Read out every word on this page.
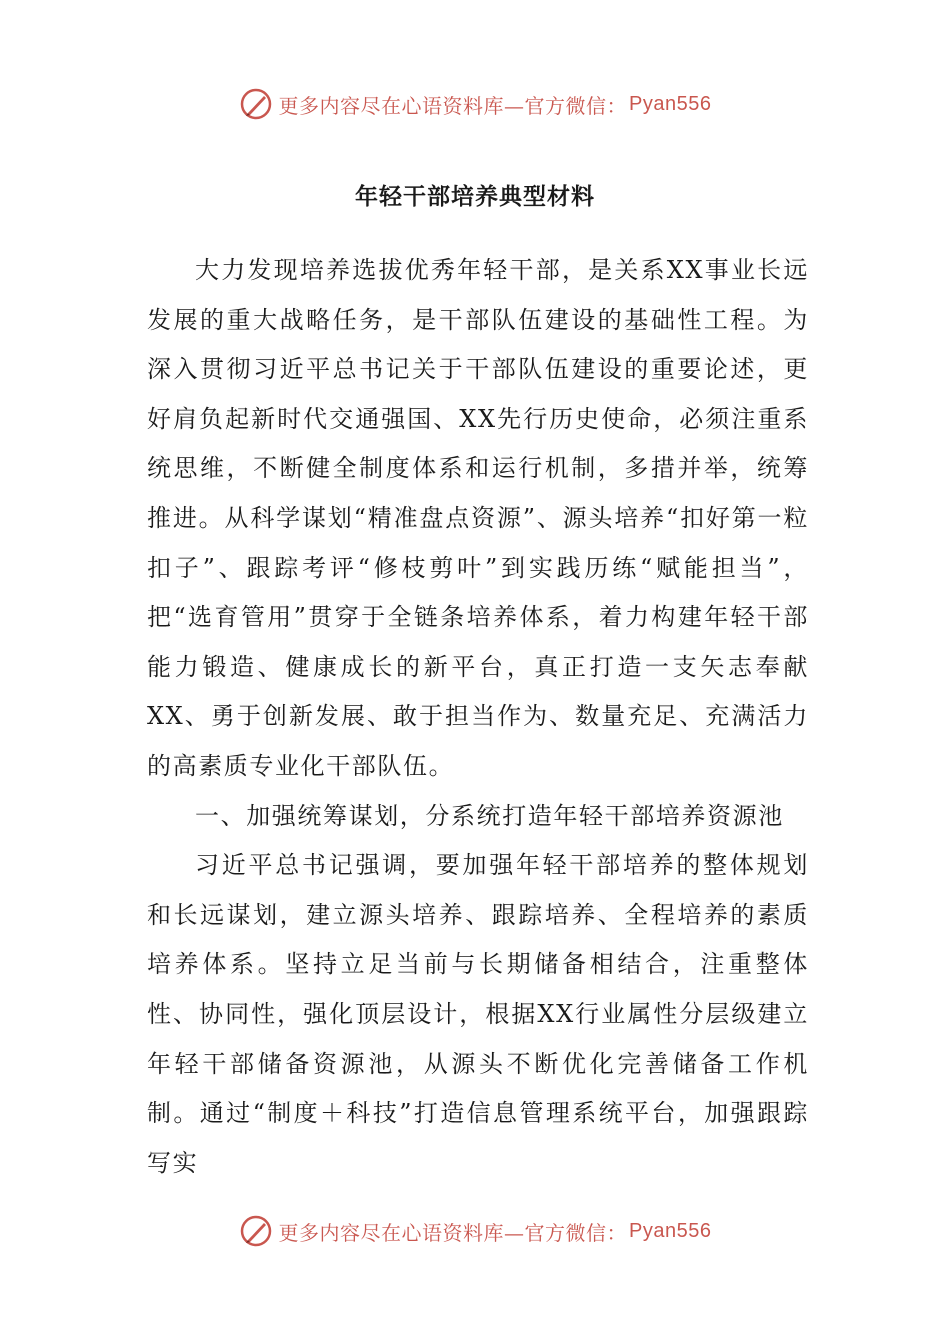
更多内容尽在心语资料库—官方微信： Pyan556
年轻干部培养典型材料

大力发现培养选拔优秀年轻干部，是关系XX事业长远发展的重大战略任务，是干部队伍建设的基础性工程。为深入贯彻习近平总书记关于干部队伍建设的重要论述，更好肩负起新时代交通强国、XX先行历史使命，必须注重系统思维，不断健全制度体系和运行机制，多措并举，统筹推进。从科学谋划“精准盘点资源”、源头培养“扣好第一粒扣子”、跟踪考评“修枝剪叶”到实践历练“赋能担当”，把“选育管用”贯穿于全链条培养体系，着力构建年轻干部能力锻造、健康成长的新平台，真正打造一支矢志奉献XX、勇于创新发展、敢于担当作为、数量充足、充满活力的高素质专业化干部队伍。

一、加强统筹谋划，分系统打造年轻干部培养资源池

习近平总书记强调，要加强年轻干部培养的整体规划和长远谋划，建立源头培养、跟踪培养、全程培养的素质培养体系。坚持立足当前与长期储备相结合，注重整体性、协同性，强化顶层设计，根据XX行业属性分层级建立年轻干部储备资源池，从源头不断优化完善储备工作机制。通过“制度＋科技”打造信息管理系统平台，加强跟踪写实

更多内容尽在心语资料库—官方微信： Pyan556
